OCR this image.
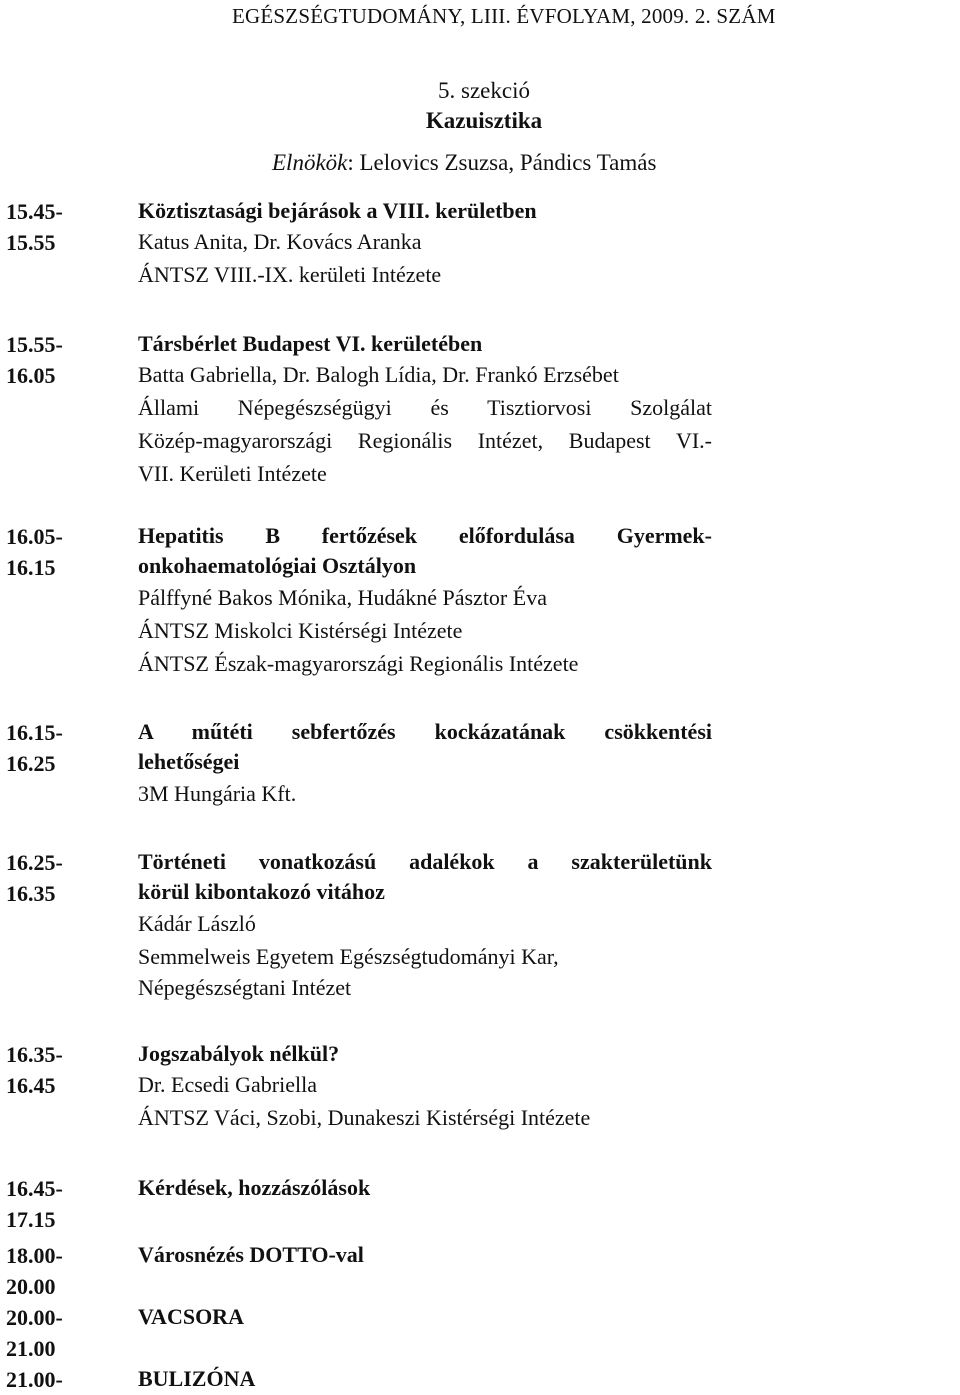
EGÉSZSÉGTUDOMÁNY, LIII. ÉVFOLYAM, 2009. 2. SZÁM
5. szekció
Kazuisztika
Elnökök: Lelovics Zsuzsa, Pándics Tamás
15.45-
15.55
Köztisztasági bejárások a VIII. kerületben
Katus Anita, Dr. Kovács Aranka
ÁNTSZ VIII.-IX. kerületi Intézete
15.55-
16.05
Társbérlet Budapest VI. kerületében
Batta Gabriella, Dr. Balogh Lídia, Dr. Frankó Erzsébet
Állami Népegészségügyi és Tisztiorvosi Szolgálat
Közép-magyarországi Regionális Intézet, Budapest VI.-
VII. Kerületi Intézete
16.05-
16.15
Hepatitis B fertőzések előfordulása Gyermek-
onkohaematológiai Osztályon
Pálffyné Bakos Mónika, Hudákné Pásztor Éva
ÁNTSZ Miskolci Kistérségi Intézete
ÁNTSZ Észak-magyarországi Regionális Intézete
16.15-
16.25
A műtéti sebfertőzés kockázatának csökkentési
lehetőségei
3M Hungária Kft.
16.25-
16.35
Történeti vonatkozású adalékok a szakterületünk
körül kibontakozó vitához
Kádár László
Semmelweis Egyetem Egészségtudományi Kar,
Népegészségtani Intézet
16.35-
16.45
Jogszabályok nélkül?
Dr. Ecsedi Gabriella
ÁNTSZ Váci, Szobi, Dunakeszi Kistérségi Intézete
16.45-
17.15
Kérdések, hozzászólások
18.00-
20.00
Városnézés DOTTO-val
20.00-
21.00
VACSORA
21.00-	BULIZÓNA
